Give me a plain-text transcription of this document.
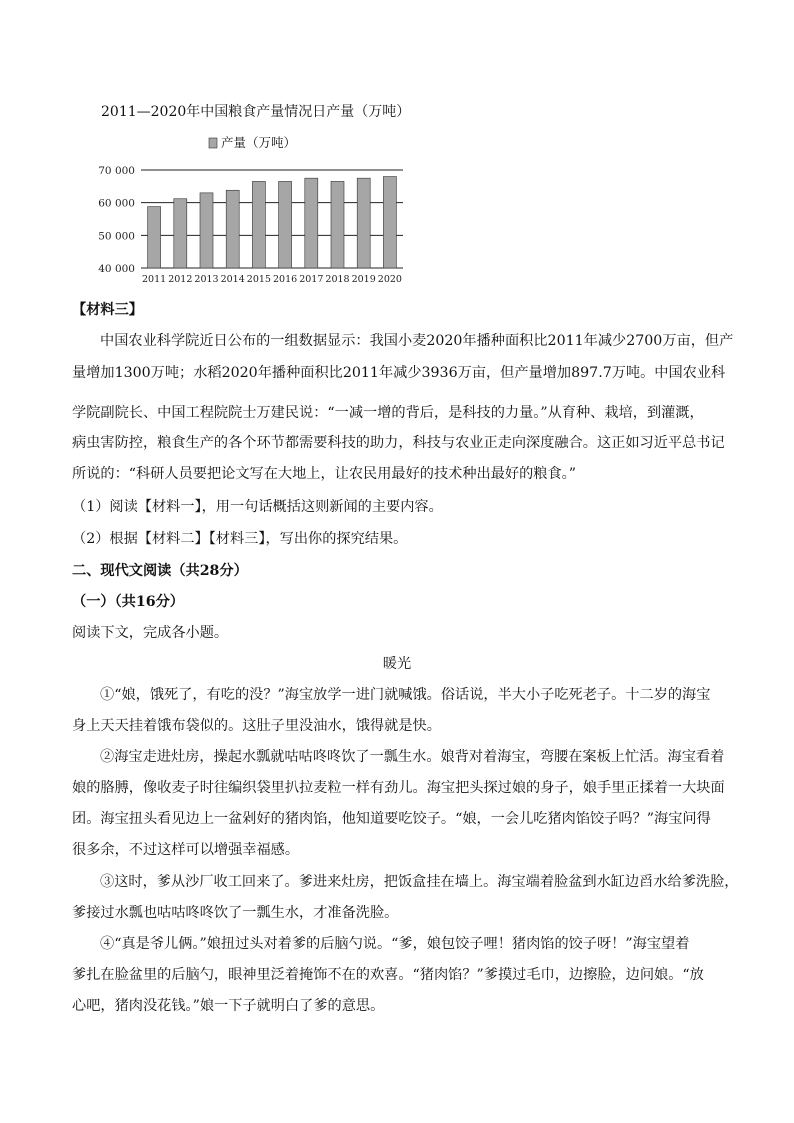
2011—2020年中国粮食产量情况日产量（万吨）
产量（万吨）
40 000
50 000
60 000
70 000
2011 2012 2013 2014 2015 2016 2017 2018 2019 2020
【材料三】
中国农业科学院近日公布的一组数据显示：我国小麦2020年播种面积比2011年减少2700万亩，但产
量增加1300万吨；水稻2020年播种面积比2011年减少3936万亩，但产量增加897.7万吨。中国农业科
学院副院长、中国工程院院士万建民说：“一减一增的背后，是科技的力量。”从育种、栽培，到灌溉，
病虫害防控，粮食生产的各个环节都需要科技的助力，科技与农业正走向深度融合。这正如习近平总书记
所说的：“科研人员要把论文写在大地上，让农民用最好的技术种出最好的粮食。”
（1）阅读【材料一】，用一句话概括这则新闻的主要内容。
（2）根据【材料二】【材料三】，写出你的探究结果。
二、现代文阅读（共28分）
（一）（共16分）
阅读下文，完成各小题。
暖光
①“娘，饿死了，有吃的没？”海宝放学一进门就喊饿。俗话说，半大小子吃死老子。十二岁的海宝
身上天天挂着饿布袋似的。这肚子里没油水，饿得就是快。
②海宝走进灶房，操起水瓢就咕咕咚咚饮了一瓢生水。娘背对着海宝，弯腰在案板上忙活。海宝看着
娘的胳膊，像收麦子时往编织袋里扒拉麦粒一样有劲儿。海宝把头探过娘的身子，娘手里正揉着一大块面
团。海宝扭头看见边上一盆剁好的猪肉馅，他知道要吃饺子。“娘，一会儿吃猪肉馅饺子吗？”海宝问得
很多余，不过这样可以增强幸福感。
③这时，爹从沙厂收工回来了。爹进来灶房，把饭盒挂在墙上。海宝端着脸盆到水缸边舀水给爹洗脸，
爹接过水瓢也咕咕咚咚饮了一瓢生水，才准备洗脸。
④“真是爷儿俩。”娘扭过头对着爹的后脑勺说。“爹，娘包饺子哩！猪肉馅的饺子呀！”海宝望着
爹扎在脸盆里的后脑勺，眼神里泛着掩饰不在的欢喜。“猪肉馅？”爹摸过毛巾，边擦脸，边问娘。“放
心吧，猪肉没花钱。”娘一下子就明白了爹的意思。
